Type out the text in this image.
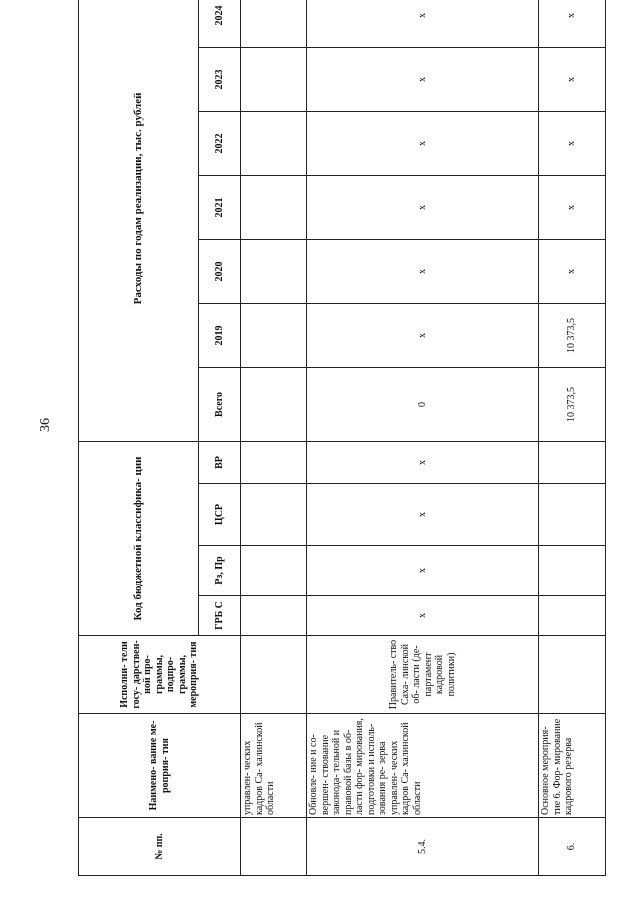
36
№ пп.	Наимено- вание ме- роприя- тия	Исполни- тели госу- дарствен- ной про- граммы, подпро- граммы, мероприя- тия	Код бюджетной классифика- ции				Расходы по годам реализации, тыс. рублей							
			ГРБ С	Рз, Пр	ЦСР	ВР	Всего	2019	2020	2021	2022	2023	2024	
	управлен- ческих кадров Са- халинской области													
5.4.	Обновле- ние и со- вершен- ствование законода- тельной и правовой базы в об- ласти фор- мирования, подготовки и исполь- зования ре- зерва управлен- ческих кадров Са- халинской области	Правитель- ство Саха- линской об- ласти (де- партамент кадровой политики)	x	x	x	x	0	x	x	x	x	x	x	
6.	Основное мероприя- тие 6. Фор- мирование кадрового резерва						10 373,5	10 373,5	x	x	x	x	x	
